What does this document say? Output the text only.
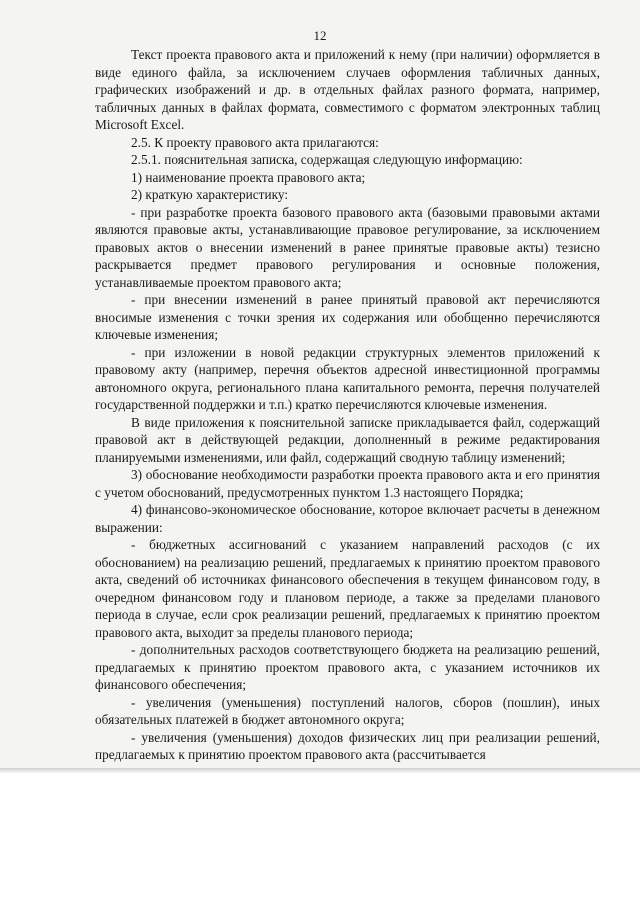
12

Текст проекта правового акта и приложений к нему (при наличии) оформляется в виде единого файла, за исключением случаев оформления табличных данных, графических изображений и др. в отдельных файлах разного формата, например, табличных данных в файлах формата, совместимого с форматом электронных таблиц Microsoft Excel.

2.5. К проекту правового акта прилагаются:

2.5.1. пояснительная записка, содержащая следующую информацию:

1) наименование проекта правового акта;

2) краткую характеристику:

- при разработке проекта базового правового акта (базовыми правовыми актами являются правовые акты, устанавливающие правовое регулирование, за исключением правовых актов о внесении изменений в ранее принятые правовые акты) тезисно раскрывается предмет правового регулирования и основные положения, устанавливаемые проектом правового акта;

- при внесении изменений в ранее принятый правовой акт перечисляются вносимые изменения с точки зрения их содержания или обобщенно перечисляются ключевые изменения;

- при изложении в новой редакции структурных элементов приложений к правовому акту (например, перечня объектов адресной инвестиционной программы автономного округа, регионального плана капитального ремонта, перечня получателей государственной поддержки и т.п.) кратко перечисляются ключевые изменения.

В виде приложения к пояснительной записке прикладывается файл, содержащий правовой акт в действующей редакции, дополненный в режиме редактирования планируемыми изменениями, или файл, содержащий сводную таблицу изменений;

3) обоснование необходимости разработки проекта правового акта и его принятия с учетом обоснований, предусмотренных пунктом 1.3 настоящего Порядка;

4) финансово-экономическое обоснование, которое включает расчеты в денежном выражении:

- бюджетных ассигнований с указанием направлений расходов (с их обоснованием) на реализацию решений, предлагаемых к принятию проектом правового акта, сведений об источниках финансового обеспечения в текущем финансовом году, в очередном финансовом году и плановом периоде, а также за пределами планового периода в случае, если срок реализации решений, предлагаемых к принятию проектом правового акта, выходит за пределы планового периода;

- дополнительных расходов соответствующего бюджета на реализацию решений, предлагаемых к принятию проектом правового акта, с указанием источников их финансового обеспечения;

- увеличения (уменьшения) поступлений налогов, сборов (пошлин), иных обязательных платежей в бюджет автономного округа;

- увеличения (уменьшения) доходов физических лиц при реализации решений, предлагаемых к принятию проектом правового акта (рассчитывается
